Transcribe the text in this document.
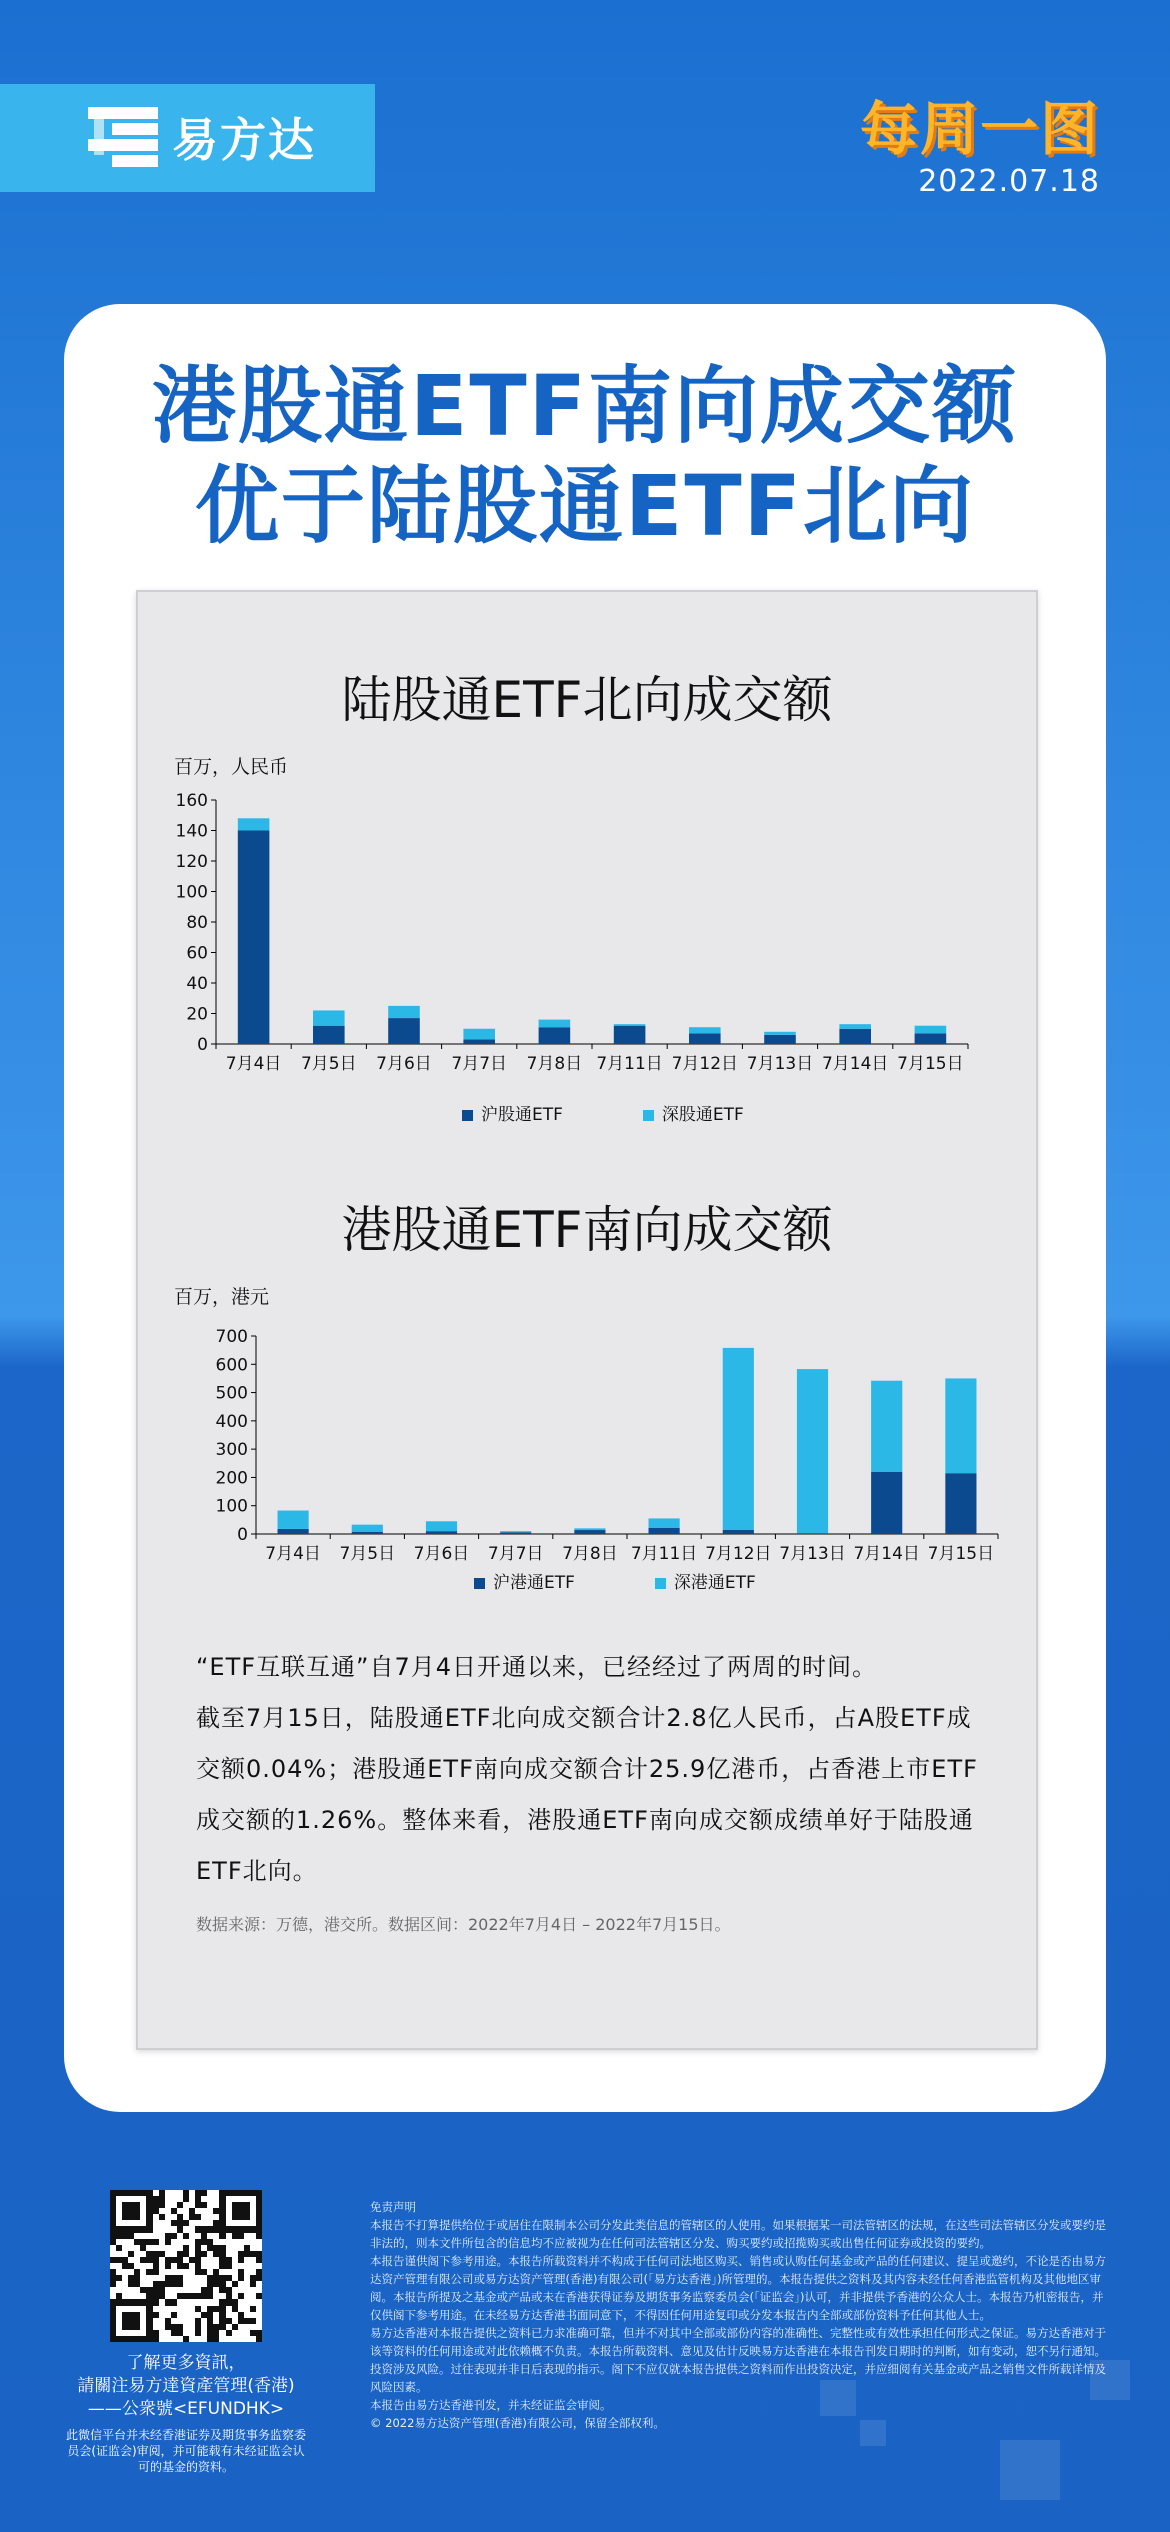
易方达	每周一图
2022.07.18
港股通ETF南向成交额
优于陆股通ETF北向
陆股通ETF北向成交额
百万，人民币
0
20
40
60
80
100
120
140
160
7月4日 7月5日 7月6日 7月7日 7月8日 7月11日 7月12日 7月13日 7月14日 7月15日
沪股通ETF	深股通ETF
港股通ETF南向成交额
百万，港元
0
100
200
300
400
500
600
700
7月4日 7月5日 7月6日 7月7日 7月8日 7月11日 7月12日 7月13日 7月14日 7月15日
沪港通ETF	深港通ETF

“ETF互联互通”自7月4日开通以来，已经经过了两周的时间。

截至7月15日，陆股通ETF北向成交额合计2.8亿人民币，占A股ETF成交额0.04%；港股通ETF南向成交额合计25.9亿港币，占香港上市ETF成交额的1.26%。整体来看，港股通ETF南向成交额成绩单好于陆股通ETF北向。

数据来源：万德，港交所。数据区间：2022年7月4日 – 2022年7月15日。
了解更多資訊，
請關注易方達資產管理(香港)
——公衆號<EFUNDHK>
此微信平台并未经香港证券及期货事务监察委员会(证监会)审阅，并可能载有未经证监会认可的基金的资料。

免责声明

本报告不打算提供给位于或居住在限制本公司分发此类信息的管辖区的人使用。如果根据某一司法管辖区的法规，在这些司法管辖区分发或要约是非法的，则本文件所包含的信息均不应被视为在任何司法管辖区分发、购买要约或招揽购买或出售任何证券或投资的要约。

本报告谨供阁下参考用途。本报告所载资料并不构成于任何司法地区购买、销售或认购任何基金或产品的任何建议、提呈或邀约，不论是否由易方达资产管理有限公司或易方达资产管理(香港)有限公司(「易方达香港」)所管理的。本报告提供之资料及其内容未经任何香港监管机构及其他地区审阅。本报告所提及之基金或产品或未在香港获得证券及期货事务监察委员会(「证监会」)认可，并非提供予香港的公众人士。本报告乃机密报告，并仅供阁下参考用途。在未经易方达香港书面同意下，不得因任何用途复印或分发本报告内全部或部份资料予任何其他人士。

易方达香港对本报告提供之资料已力求准确可靠，但并不对其中全部或部份内容的准确性、完整性或有效性承担任何形式之保证。易方达香港对于该等资料的任何用途或对此依赖概不负责。本报告所载资料、意见及估计反映易方达香港在本报告刊发日期时的判断，如有变动，恕不另行通知。投资涉及风险。过往表现并非日后表现的指示。阁下不应仅就本报告提供之资料而作出投资决定，并应细阅有关基金或产品之销售文件所载详情及风险因素。

本报告由易方达香港刊发，并未经证监会审阅。

© 2022易方达资产管理(香港)有限公司，保留全部权利。
